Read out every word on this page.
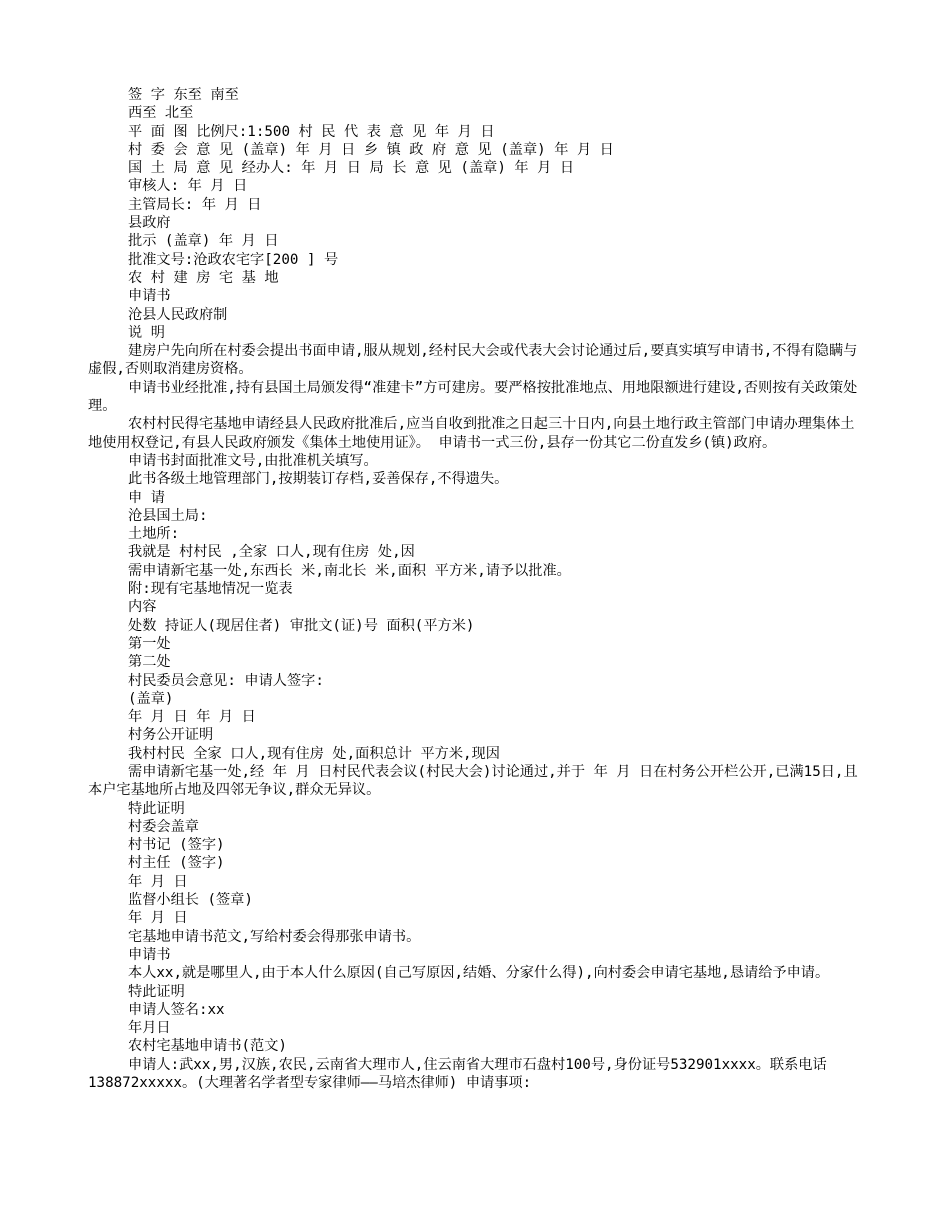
签 字 东至 南至
西至 北至
平 面 图 比例尺:1:500 村 民 代 表 意 见 年 月 日
村 委 会 意 见 (盖章) 年 月 日 乡 镇 政 府 意 见 (盖章) 年 月 日
国 土 局 意 见 经办人: 年 月 日 局 长 意 见 (盖章) 年 月 日
审核人: 年 月 日
主管局长: 年 月 日
县政府
批示 (盖章) 年 月 日
批准文号:沧政农宅字[200 ] 号
农 村 建 房 宅 基 地
申请书
沧县人民政府制
说 明
建房户先向所在村委会提出书面申请,服从规划,经村民大会或代表大会讨论通过后,要真实填写申请书,不得有隐瞒与虚假,否则取消建房资格。
申请书业经批准,持有县国土局颁发得“准建卡”方可建房。要严格按批准地点、用地限额进行建设,否则按有关政策处理。
农村村民得宅基地申请经县人民政府批准后,应当自收到批准之日起三十日内,向县土地行政主管部门申请办理集体土地使用权登记,有县人民政府颁发《集体土地使用证》。 申请书一式三份,县存一份其它二份直发乡(镇)政府。
申请书封面批准文号,由批准机关填写。
此书各级土地管理部门,按期装订存档,妥善保存,不得遗失。
申 请
沧县国土局:
土地所:
我就是 村村民 ,全家 口人,现有住房 处,因
需申请新宅基一处,东西长 米,南北长 米,面积 平方米,请予以批准。
附:现有宅基地情况一览表
内容
处数 持证人(现居住者) 审批文(证)号 面积(平方米)
第一处
第二处
村民委员会意见: 申请人签字:
(盖章)
年 月 日 年 月 日
村务公开证明
我村村民 全家 口人,现有住房 处,面积总计 平方米,现因
需申请新宅基一处,经 年 月 日村民代表会议(村民大会)讨论通过,并于 年 月 日在村务公开栏公开,已满15日,且本户宅基地所占地及四邻无争议,群众无异议。
特此证明
村委会盖章
村书记 (签字)
村主任 (签字)
年 月 日
监督小组长 (签章)
年 月 日
宅基地申请书范文,写给村委会得那张申请书。
申请书
本人xx,就是哪里人,由于本人什么原因(自己写原因,结婚、分家什么得),向村委会申请宅基地,恳请给予申请。
特此证明
申请人签名:xx
年月日
农村宅基地申请书(范文)
申请人:武xx,男,汉族,农民,云南省大理市人,住云南省大理市石盘村100号,身份证号532901xxxx。联系电话138872xxxxx。(大理著名学者型专家律师——马培杰律师) 申请事项:
